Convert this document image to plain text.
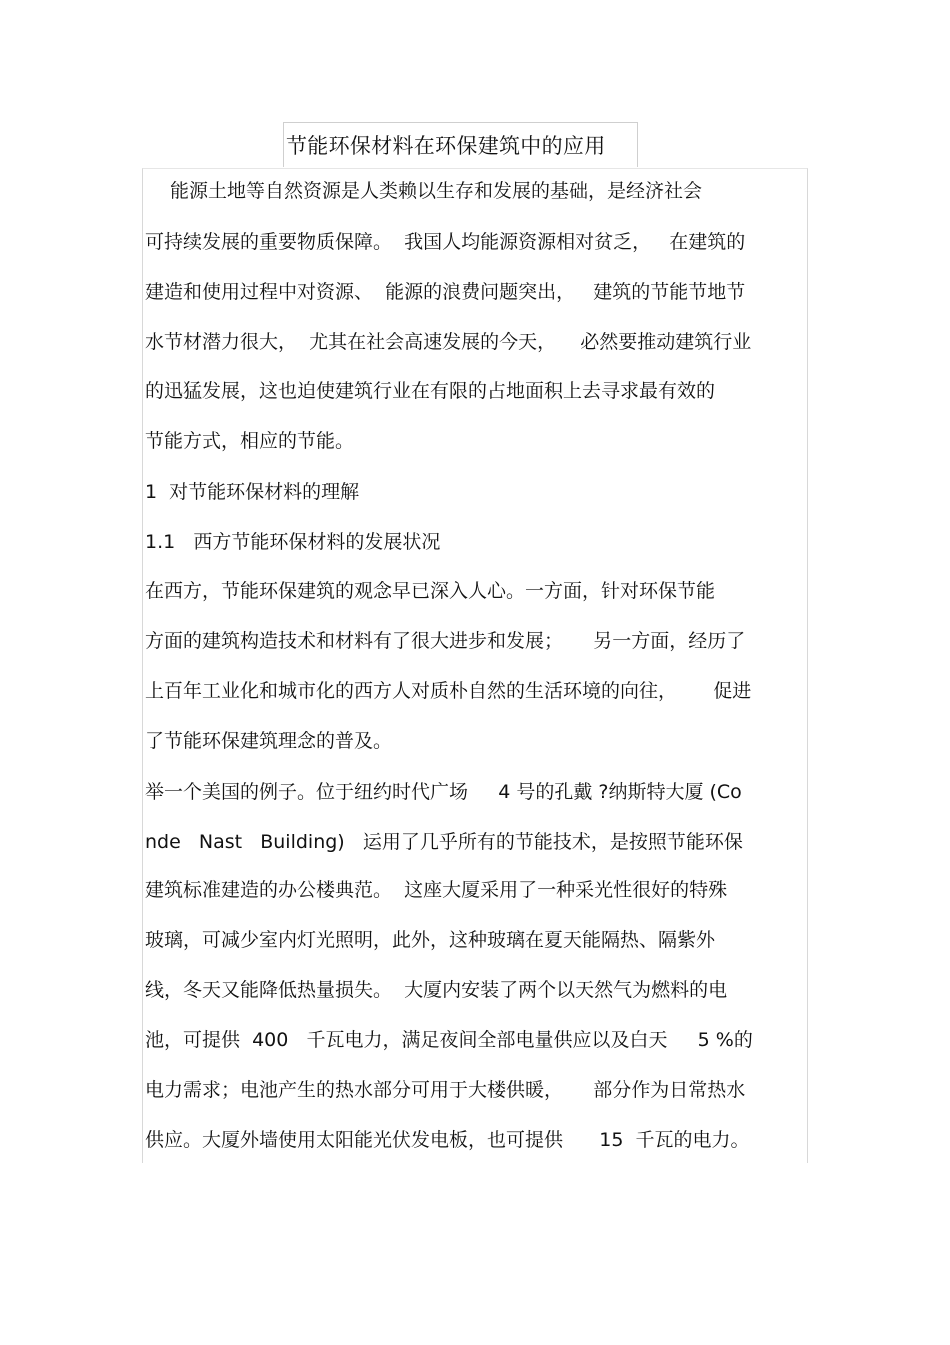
节能环保材料在环保建筑中的应用
能源土地等自然资源是人类赖以生存和发展的基础，是经济社会
可持续发展的重要物质保障。  我国人均能源资源相对贫乏，   在建筑的
建造和使用过程中对资源、  能源的浪费问题突出，   建筑的节能节地节
水节材潜力很大，  尤其在社会高速发展的今天，    必然要推动建筑行业
的迅猛发展，这也迫使建筑行业在有限的占地面积上去寻求最有效的
节能方式，相应的节能。
1  对节能环保材料的理解
1.1   西方节能环保材料的发展状况
在西方，节能环保建筑的观念早已深入人心。一方面，针对环保节能
方面的建筑构造技术和材料有了很大进步和发展；     另一方面，经历了
上百年工业化和城市化的西方人对质朴自然的生活环境的向往，      促进
了节能环保建筑理念的普及。
举一个美国的例子。位于纽约时代广场     4 号的孔戴 ?纳斯特大厦 (Co
nde   Nast   Building)   运用了几乎所有的节能技术，是按照节能环保
建筑标准建造的办公楼典范。  这座大厦采用了一种采光性很好的特殊
玻璃，可减少室内灯光照明，此外，这种玻璃在夏天能隔热、隔紫外
线，冬天又能降低热量损失。  大厦内安装了两个以天然气为燃料的电
池，可提供  400   千瓦电力，满足夜间全部电量供应以及白天     5 %的
电力需求；电池产生的热水部分可用于大楼供暖，     部分作为日常热水
供应。大厦外墙使用太阳能光伏发电板，也可提供      15  千瓦的电力。
